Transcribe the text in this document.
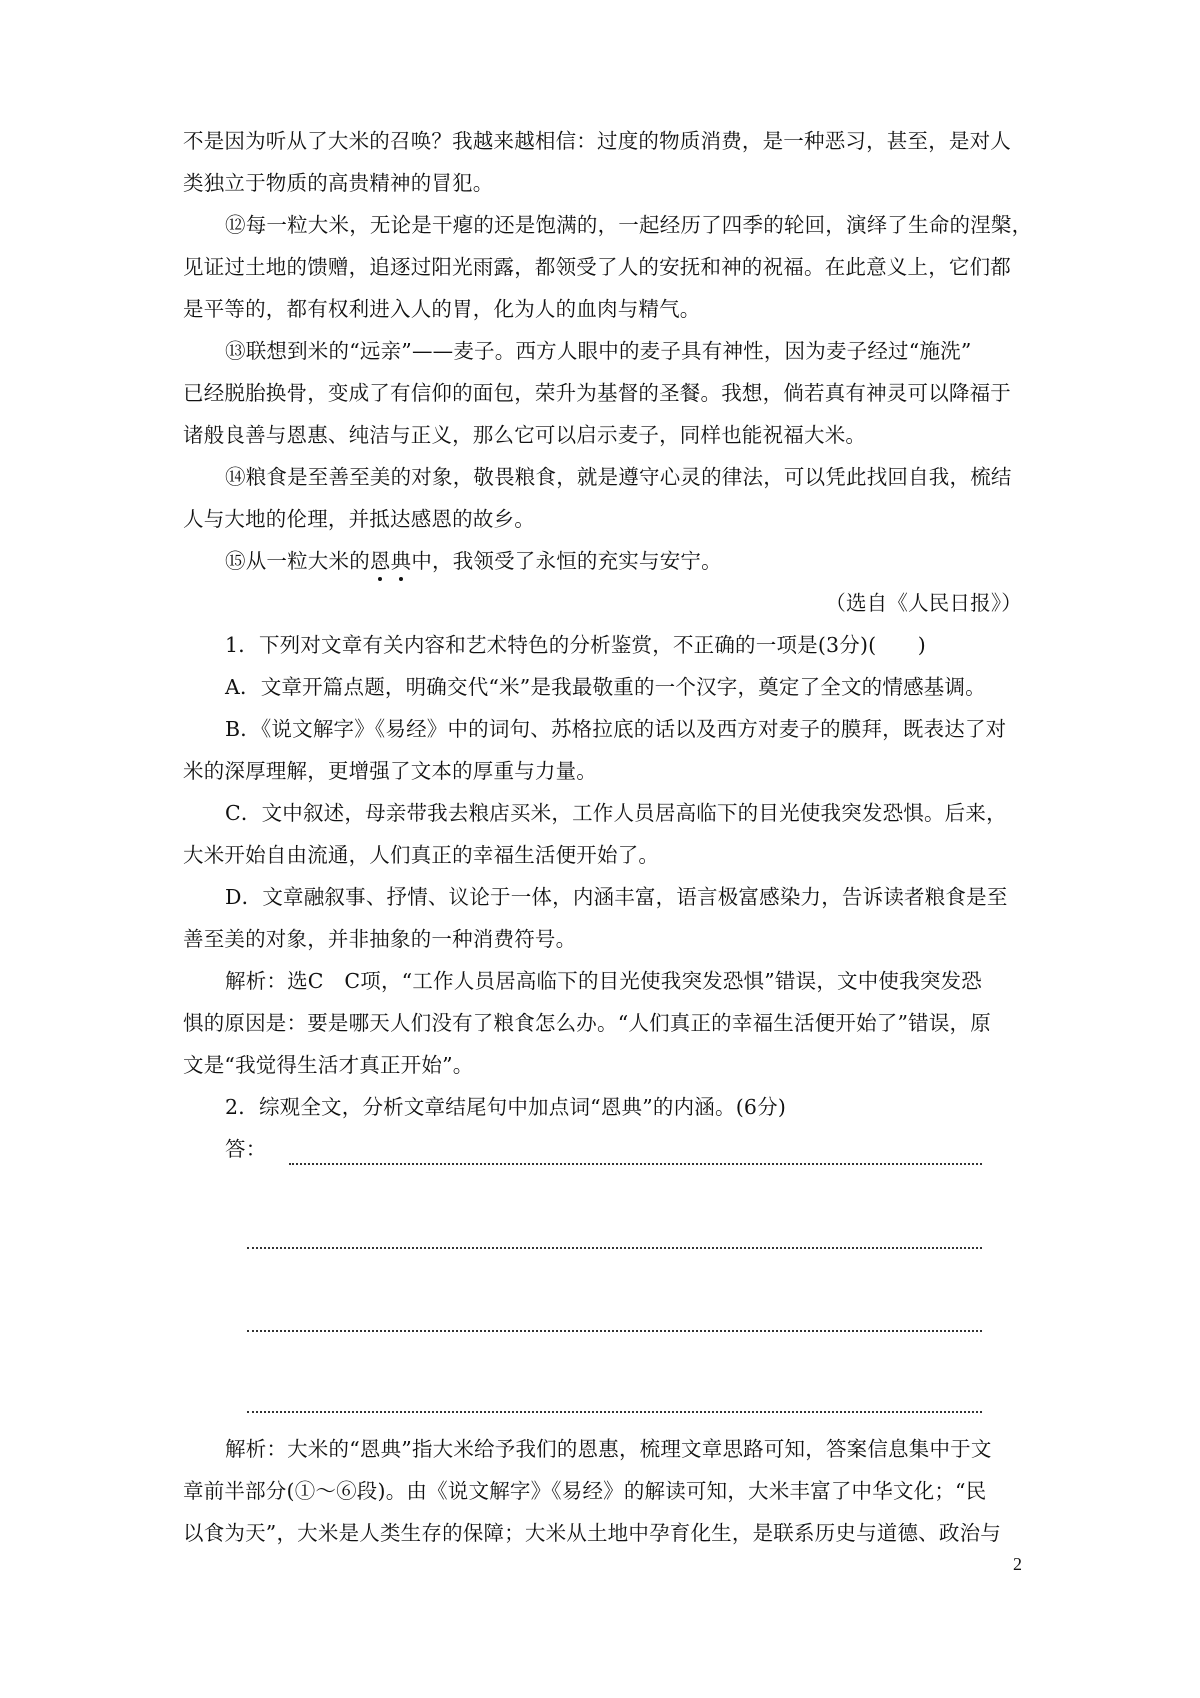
不是因为听从了大米的召唤？我越来越相信：过度的物质消费，是一种恶习，甚至，是对人
类独立于物质的高贵精神的冒犯。
⑫每一粒大米，无论是干瘪的还是饱满的，一起经历了四季的轮回，演绎了生命的涅槃，
见证过土地的馈赠，追逐过阳光雨露，都领受了人的安抚和神的祝福。在此意义上，它们都
是平等的，都有权利进入人的胃，化为人的血肉与精气。
⑬联想到米的“远亲”——麦子。西方人眼中的麦子具有神性，因为麦子经过“施洗”
已经脱胎换骨，变成了有信仰的面包，荣升为基督的圣餐。我想，倘若真有神灵可以降福于
诸般良善与恩惠、纯洁与正义，那么它可以启示麦子，同样也能祝福大米。
⑭粮食是至善至美的对象，敬畏粮食，就是遵守心灵的律法，可以凭此找回自我，梳结
人与大地的伦理，并抵达感恩的故乡。
⑮从一粒大米的恩典中，我领受了永恒的充实与安宁。
（选自《人民日报》）
1．下列对文章有关内容和艺术特色的分析鉴赏，不正确的一项是(3分)(　　)
A．文章开篇点题，明确交代“米”是我最敬重的一个汉字，奠定了全文的情感基调。
B．《说文解字》《易经》中的词句、苏格拉底的话以及西方对麦子的膜拜，既表达了对
米的深厚理解，更增强了文本的厚重与力量。
C．文中叙述，母亲带我去粮店买米，工作人员居高临下的目光使我突发恐惧。后来，
大米开始自由流通，人们真正的幸福生活便开始了。
D．文章融叙事、抒情、议论于一体，内涵丰富，语言极富感染力，告诉读者粮食是至
善至美的对象，并非抽象的一种消费符号。
解析：选C　C项，“工作人员居高临下的目光使我突发恐惧”错误，文中使我突发恐
惧的原因是：要是哪天人们没有了粮食怎么办。“人们真正的幸福生活便开始了”错误，原
文是“我觉得生活才真正开始”。
2．综观全文，分析文章结尾句中加点词“恩典”的内涵。(6分)
答：
解析：大米的“恩典”指大米给予我们的恩惠，梳理文章思路可知，答案信息集中于文
章前半部分(①～⑥段)。由《说文解字》《易经》的解读可知，大米丰富了中华文化；“民
以食为天”，大米是人类生存的保障；大米从土地中孕育化生，是联系历史与道德、政治与
2
